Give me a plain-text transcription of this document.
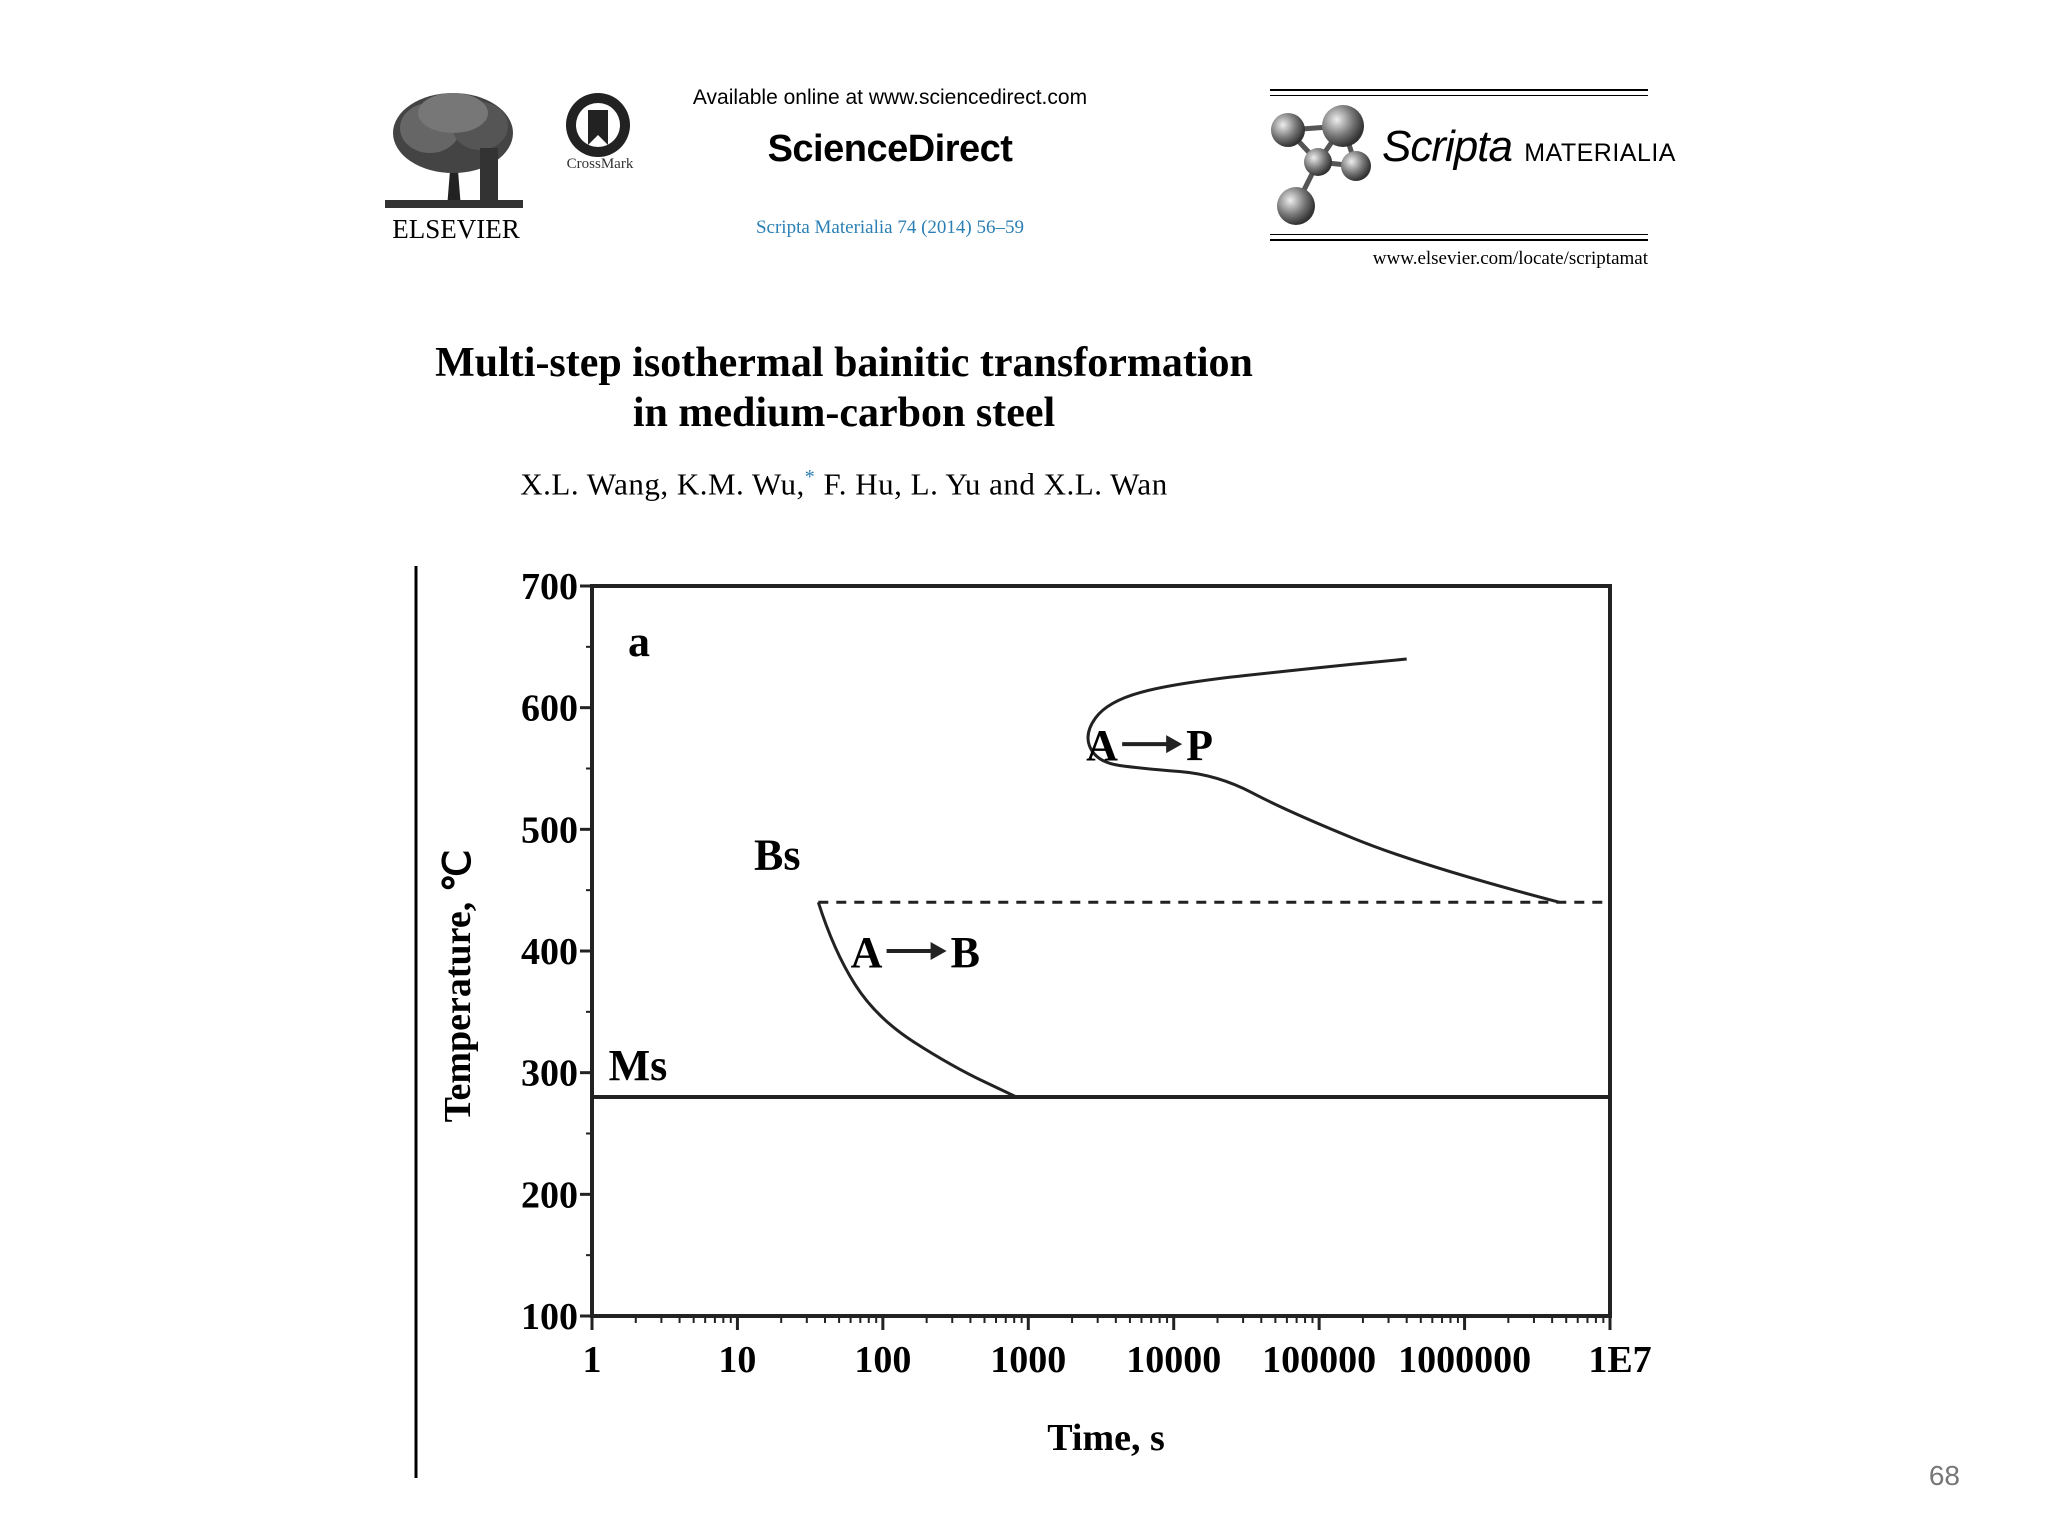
ELSEVIER
CrossMark
Available online at www.sciencedirect.com
ScienceDirect
Scripta Materialia 74 (2014) 56–59
Scripta MATERIALIA
www.elsevier.com/locate/scriptamat
Multi-step isothermal bainitic transformation
in medium-carbon steel
X.L. Wang, K.M. Wu,* F. Hu, L. Yu and X.L. Wan
100
200
300
400
500
600
700
1	10	100 1000 10000 100000 1000000 1E7
A P
A B
Bs
Ms
a
Time, s
Temperature, ℃
68
